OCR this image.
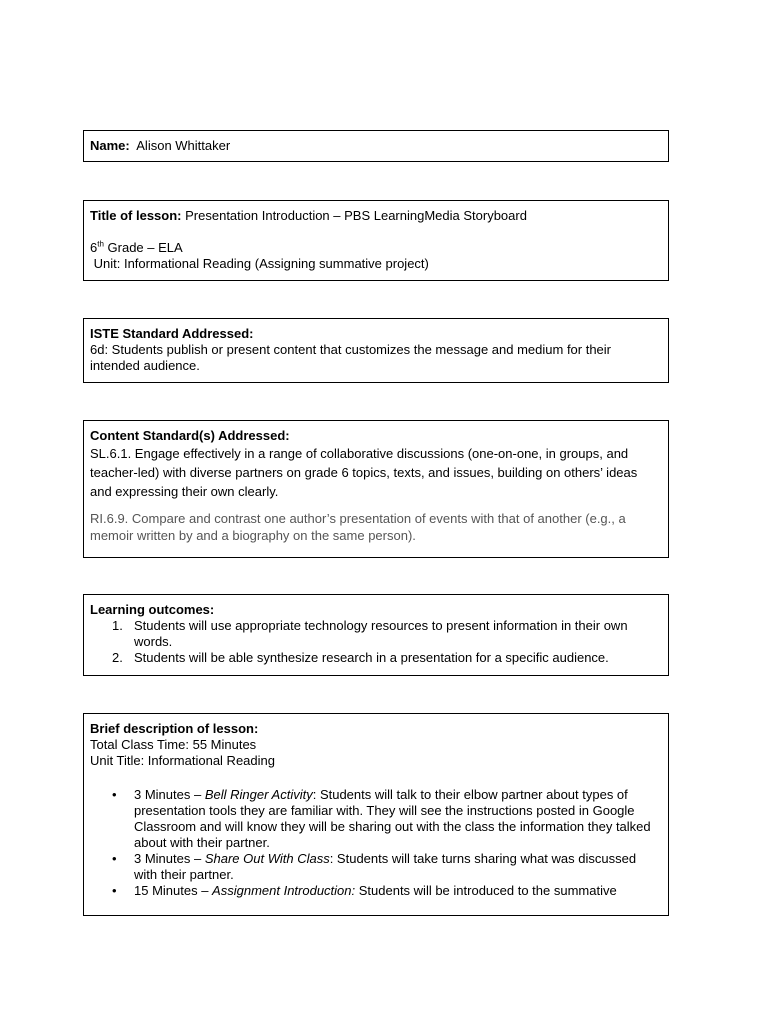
Name: Alison Whittaker
Title of lesson: Presentation Introduction – PBS LearningMedia Storyboard
6th Grade – ELA
Unit: Informational Reading (Assigning summative project)
ISTE Standard Addressed:
6d: Students publish or present content that customizes the message and medium for their intended audience.
Content Standard(s) Addressed:
SL.6.1. Engage effectively in a range of collaborative discussions (one-on-one, in groups, and teacher-led) with diverse partners on grade 6 topics, texts, and issues, building on others’ ideas and expressing their own clearly.
RI.6.9. Compare and contrast one author’s presentation of events with that of another (e.g., a memoir written by and a biography on the same person).
Learning outcomes:
1. Students will use appropriate technology resources to present information in their own words.
2. Students will be able synthesize research in a presentation for a specific audience.
Brief description of lesson:
Total Class Time: 55 Minutes
Unit Title: Informational Reading
• 3 Minutes – Bell Ringer Activity: Students will talk to their elbow partner about types of presentation tools they are familiar with. They will see the instructions posted in Google Classroom and will know they will be sharing out with the class the information they talked about with their partner.
• 3 Minutes – Share Out With Class: Students will take turns sharing what was discussed with their partner.
• 15 Minutes – Assignment Introduction: Students will be introduced to the summative
